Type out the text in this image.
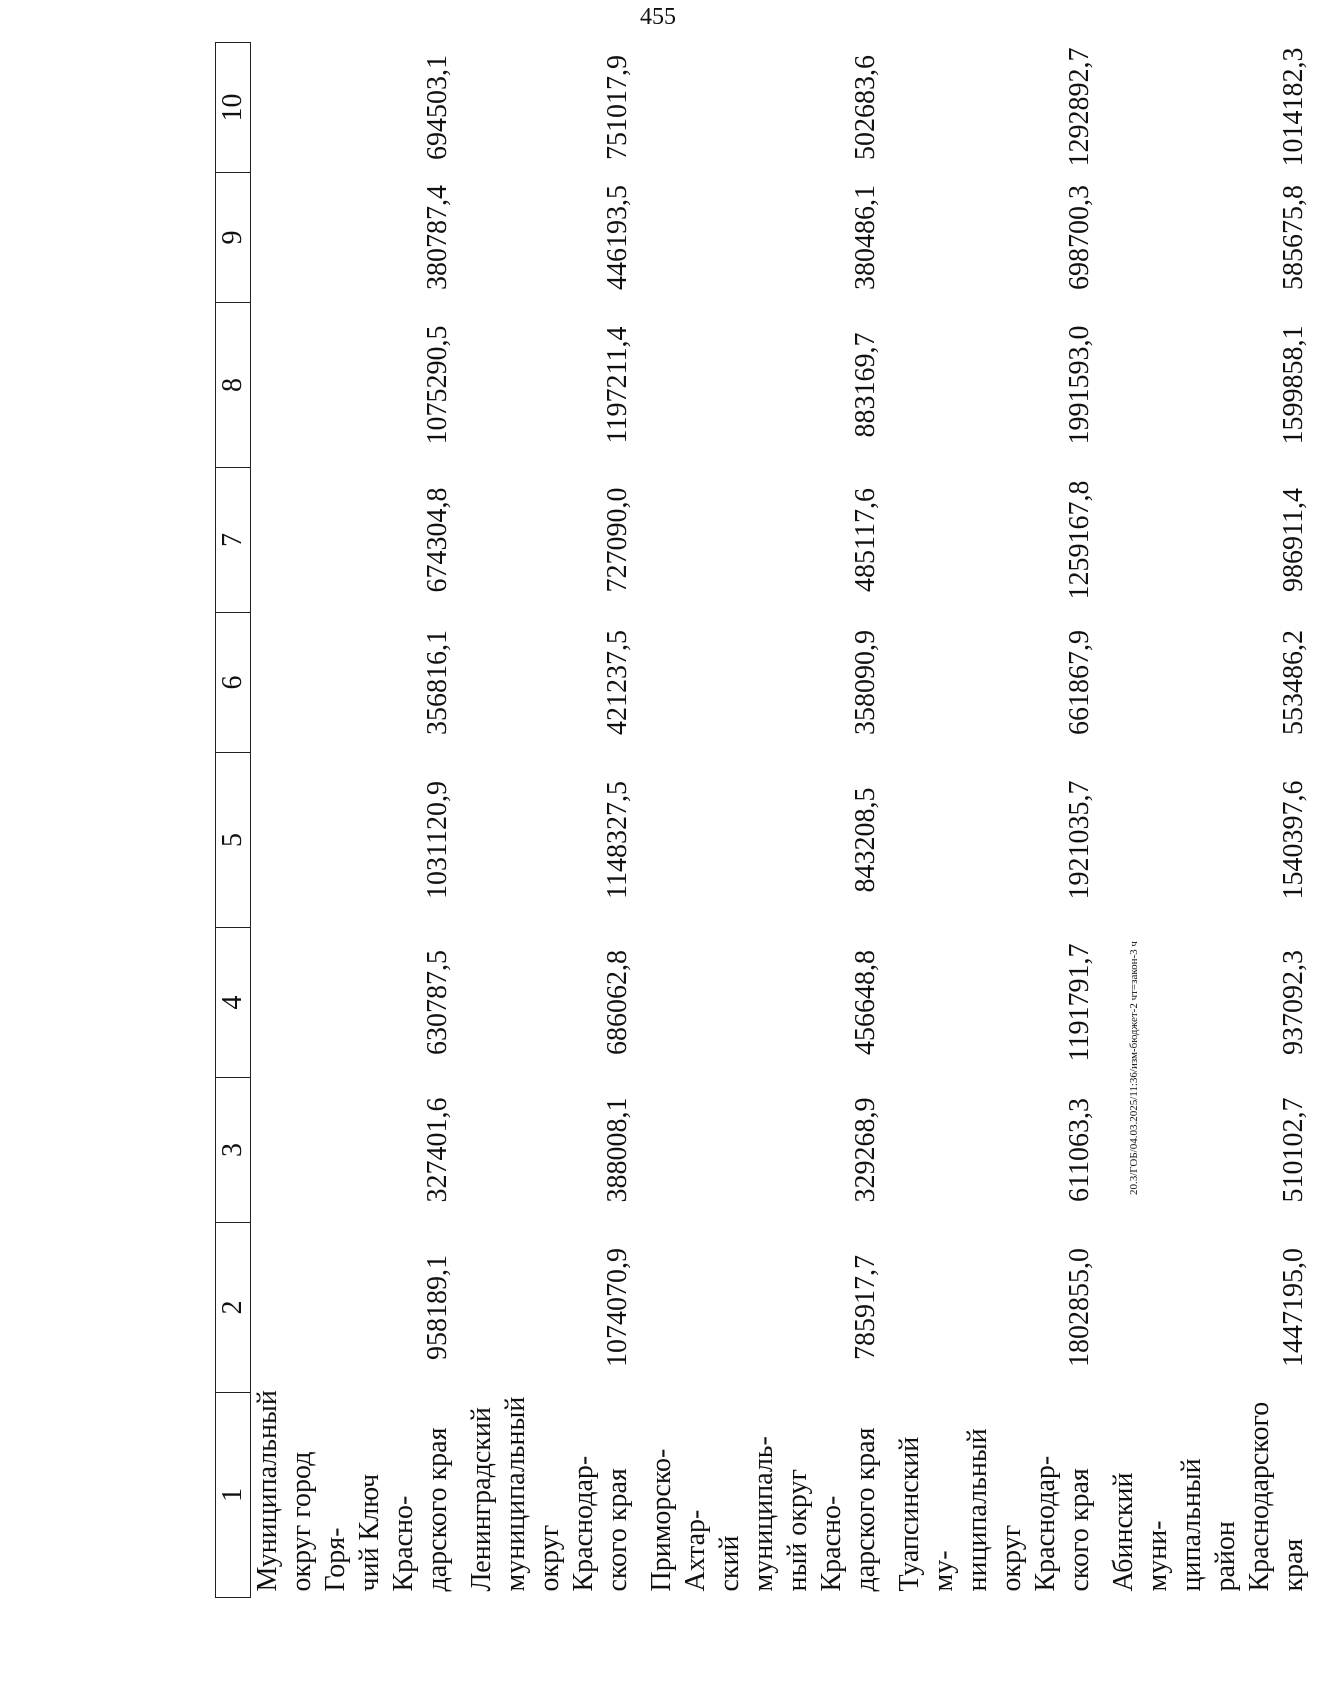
455
1	2	3	4	5	6	7	8	9	10

Муниципальный округ город Горя- чий Ключ Красно- дарского края	958189,1	327401,6	630787,5	1031120,9	356816,1	674304,8	1075290,5	380787,4	694503,1

Ленинградский муниципальный округ Краснодар- ского края	1074070,9	388008,1	686062,8	1148327,5	421237,5	727090,0	1197211,4	446193,5	751017,9

Приморско-Ахтар- ский муниципаль- ный округ Красно- дарского края	785917,7	329268,9	456648,8	843208,5	358090,9	485117,6	883169,7	380486,1	502683,6

Туапсинский му- ниципальный округ Краснодар- ского края	1802855,0	611063,3	1191791,7	1921035,7	661867,9	1259167,8	1991593,0	698700,3	1292892,7

Абинский муни- ципальный район Краснодарского края	1447195,0	510102,7	937092,3	1540397,6	553486,2	986911,4	1599858,1	585675,8	1014182,3
20.3/ГОБ/04.03.2025/11:36/изм-бюджет-2 чт=закон-3 ч
